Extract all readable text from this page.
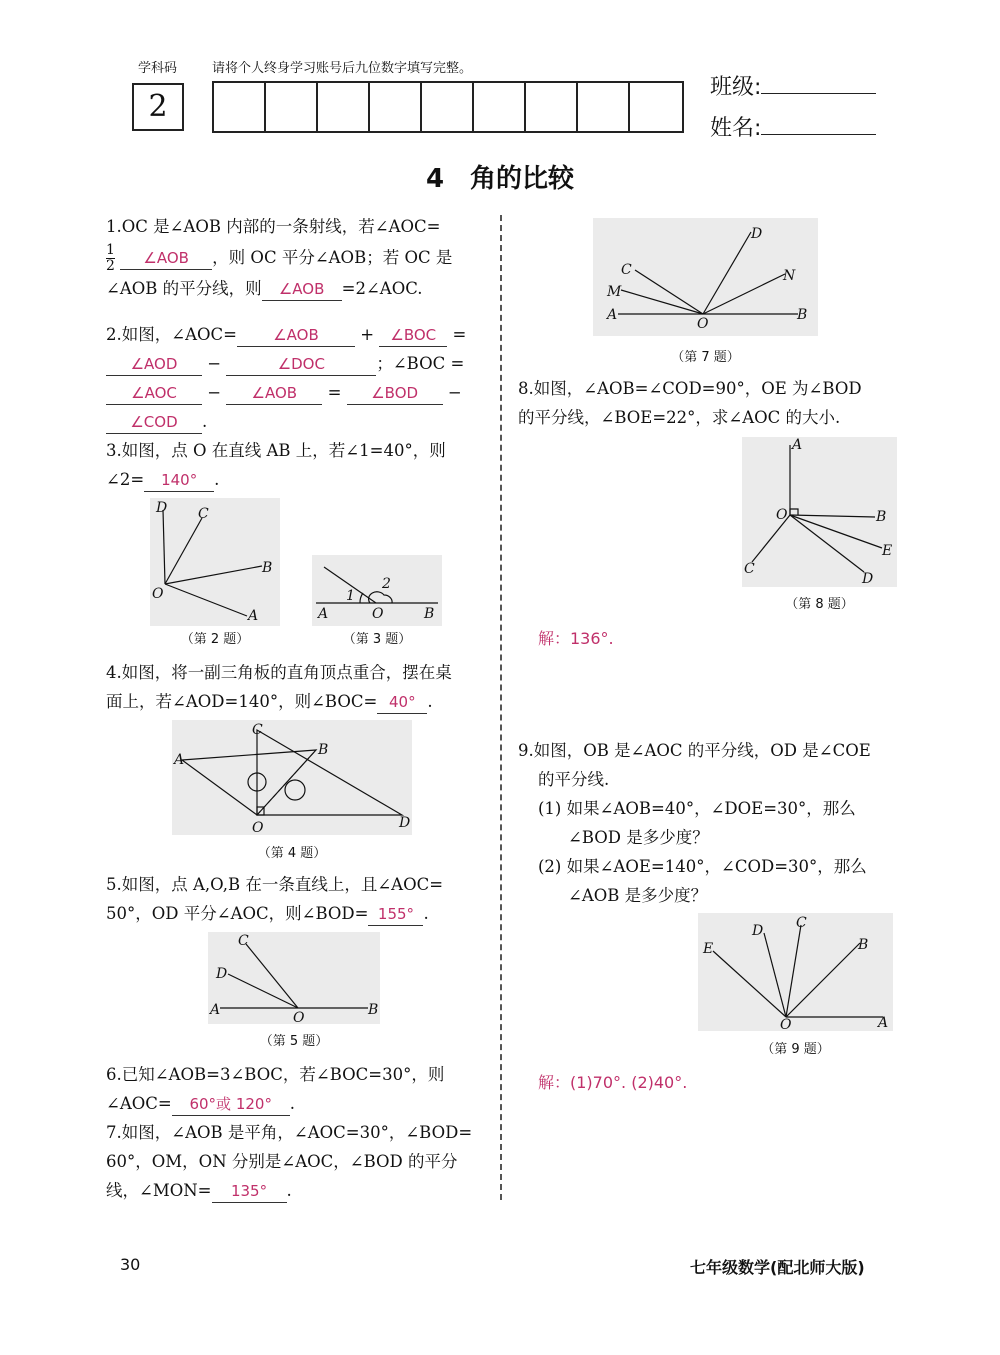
学科码	请将个人终身学习账号后九位数字填写完整。
2
班级:
姓名:
4　角的比较
1.OC 是∠AOB 内部的一条射线，若∠AOC=
$\frac{1}{2}$ ∠AOB ，则 OC 平分∠AOB；若 OC 是
∠AOB 的平分线，则 ∠AOB =2∠AOC.
2.如图，∠AOC= ∠AOB + ∠BOC =
∠AOD −	∠DOC	；∠BOC =
∠AOC − ∠AOB = ∠BOD −
∠COD .
3.如图，点 O 在直线 AB 上，若∠1=40°，则
∠2= 140° .
D C
B
A
O
（第 2 题）
1
2
A	O	B
（第 3 题）
4.如图，将一副三角板的直角顶点重合，摆在桌
面上，若∠AOD=140°，则∠BOC= 40° .
A
C
B
O	D
（第 4 题）
5.如图，点 A,O,B 在一条直线上，且∠AOC=
50°，OD 平分∠AOC，则∠BOD= 155° .
C
D
A	O	B
（第 5 题）
6.已知∠AOB=3∠BOC，若∠BOC=30°，则
∠AOC= 60°或 120° .
7.如图，∠AOB 是平角，∠AOC=30°，∠BOD=
60°，OM，ON 分别是∠AOC，∠BOD 的平分
线，∠MON= 135° .
D
C
M
N
A
O
B
（第 7 题）
8.如图，∠AOB=∠COD=90°，OE 为∠BOD
的平分线，∠BOE=22°，求∠AOC 的大小.
A
O	B
E
D
C
（第 8 题）
解：136°.
9.如图，OB 是∠AOC 的平分线，OD 是∠COE
的平分线.
(1) 如果∠AOB=40°，∠DOE=30°，那么
∠BOD 是多少度？
(2) 如果∠AOE=140°，∠COD=30°，那么
∠AOB 是多少度？
E
D C
B
O	A
（第 9 题）
解：(1)70°. (2)40°.
30	七年级数学(配北师大版)
